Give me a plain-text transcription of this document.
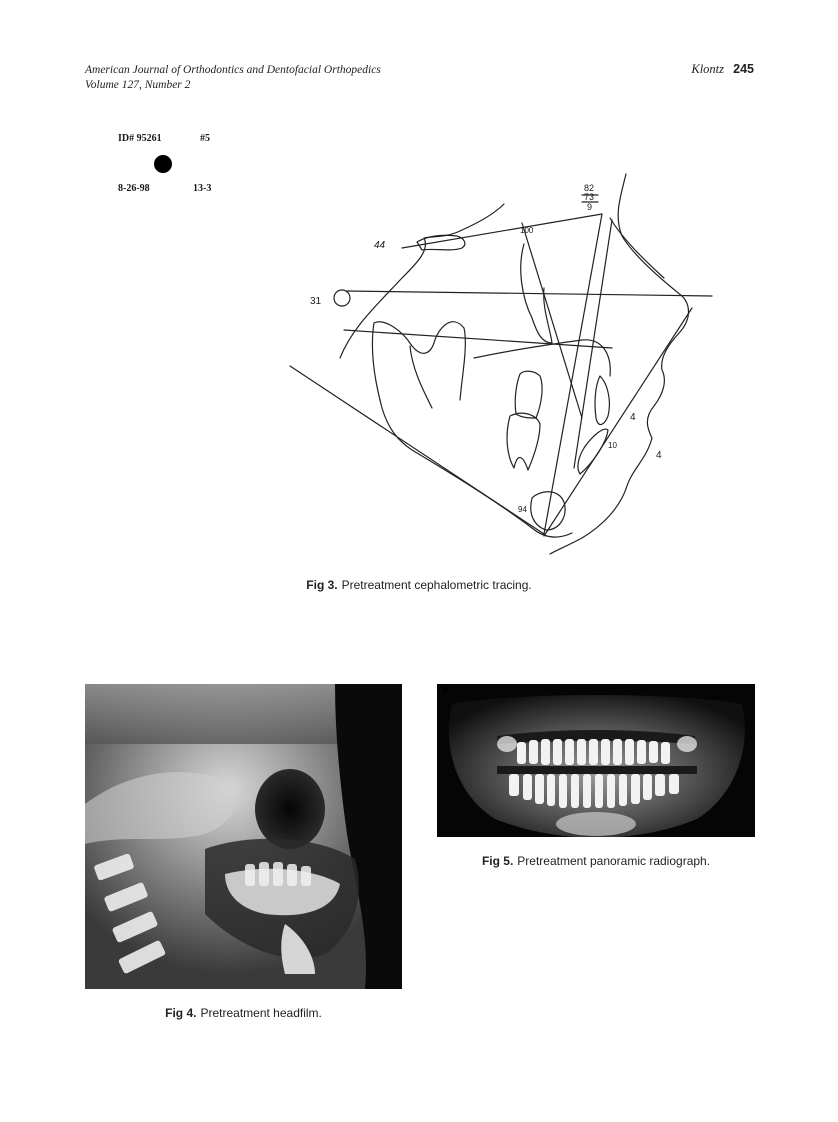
American Journal of Orthodontics and Dentofacial Orthopedics
Volume 127, Number 2
Klontz 245
ID# 95261	#5
8-26-98	13-3
44
100
31
82
73
9
4
10
4
94
Fig 3. Pretreatment cephalometric tracing.
Fig 4. Pretreatment headfilm.
Fig 5. Pretreatment panoramic radiograph.
